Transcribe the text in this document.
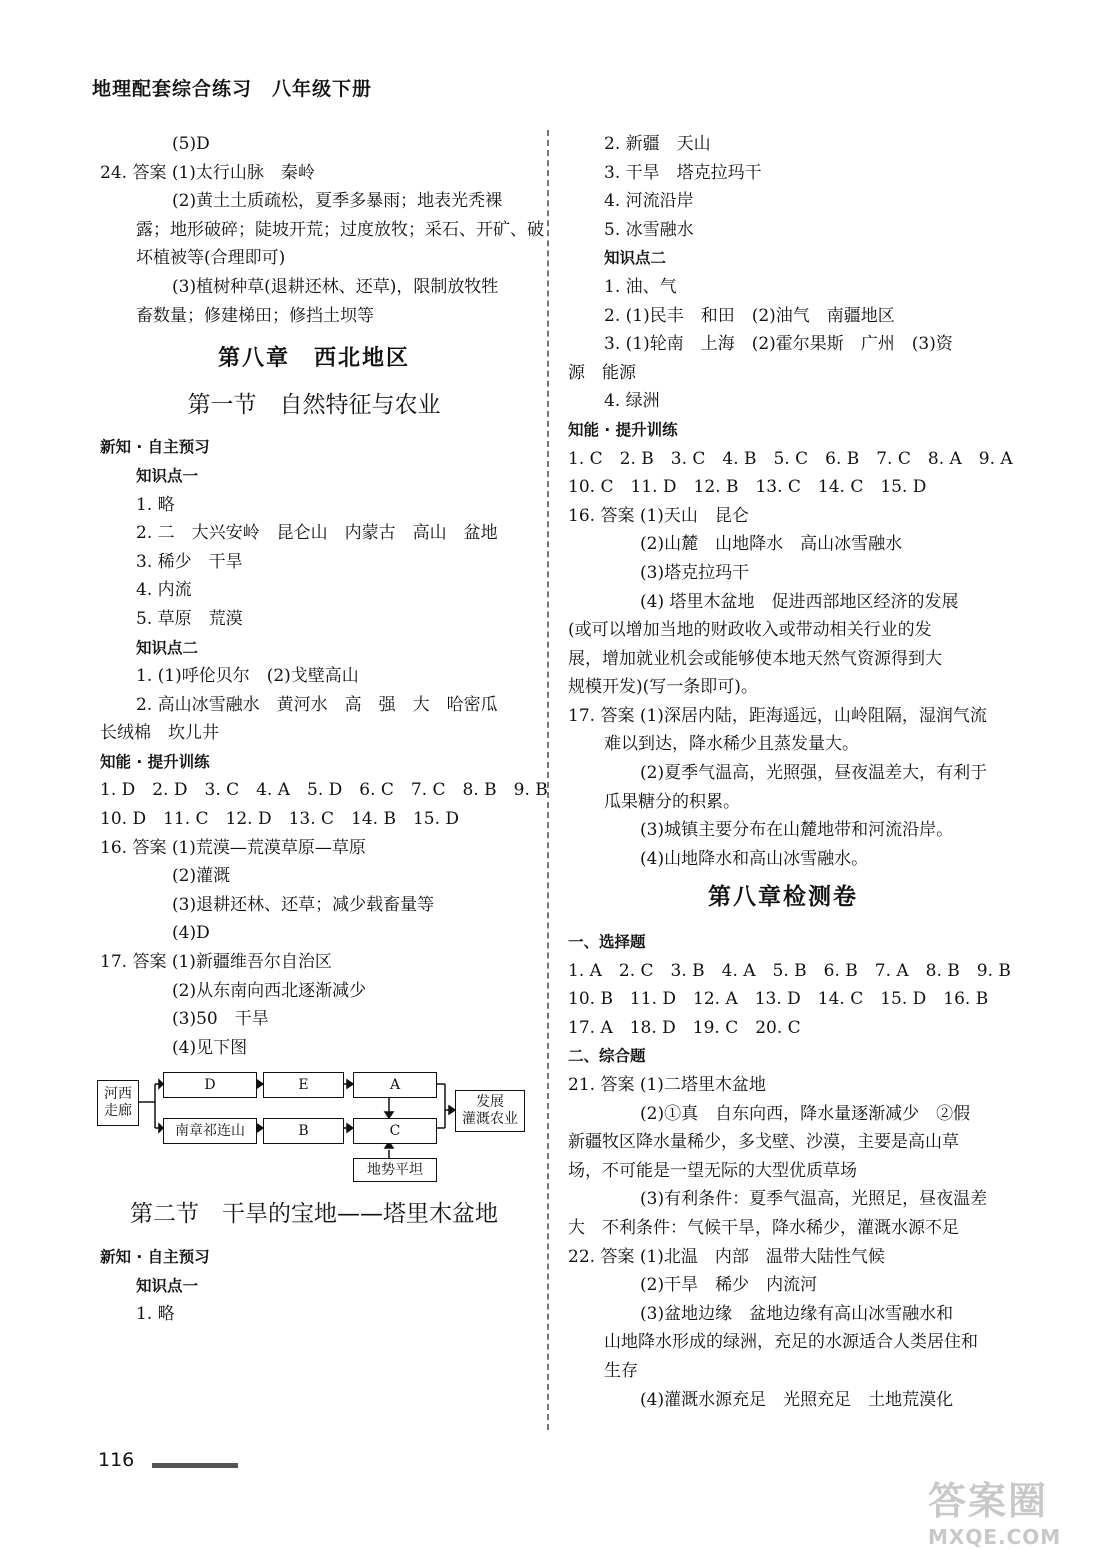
地理配套综合练习　八年级下册
(5)D
24. 答案 (1)太行山脉　秦岭
(2)黄土土质疏松，夏季多暴雨；地表光秃裸
露；地形破碎；陡坡开荒；过度放牧；采石、开矿、破
坏植被等(合理即可)
(3)植树种草(退耕还林、还草)，限制放牧牲
畜数量；修建梯田；修挡土坝等
第八章　西北地区
第一节　自然特征与农业
新知 · 自主预习
知识点一
1. 略
2. 二　大兴安岭　昆仑山　内蒙古　高山　盆地
3. 稀少　干旱
4. 内流
5. 草原　荒漠
知识点二
1. (1)呼伦贝尔　(2)戈壁高山
2. 高山冰雪融水　黄河水　高　强　大　哈密瓜
长绒棉　坎儿井
知能 · 提升训练
1. D　2. D　3. C　4. A　5. D　6. C　7. C　8. B　9. B
10. D　11. C　12. D　13. C　14. B　15. D
16. 答案 (1)荒漠—荒漠草原—草原
(2)灌溉
(3)退耕还林、还草；减少载畜量等
(4)D
17. 答案 (1)新疆维吾尔自治区
(2)从东南向西北逐渐减少
(3)50　干旱
(4)见下图
河西 走廊
D	E	A
南章祁连山	B	C
发展
灌溉农业
地势平坦
第二节　干旱的宝地——塔里木盆地
新知 · 自主预习
知识点一
1. 略
2. 新疆　天山
3. 干旱　塔克拉玛干
4. 河流沿岸
5. 冰雪融水
知识点二
1. 油、气
2. (1)民丰　和田　(2)油气　南疆地区
3. (1)轮南　上海　(2)霍尔果斯　广州　(3)资
源　能源
4. 绿洲
知能 · 提升训练
1. C　2. B　3. C　4. B　5. C　6. B　7. C　8. A　9. A
10. C　11. D　12. B　13. C　14. C　15. D
16. 答案 (1)天山　昆仑
(2)山麓　山地降水　高山冰雪融水
(3)塔克拉玛干
(4) 塔里木盆地　促进西部地区经济的发展
(或可以增加当地的财政收入或带动相关行业的发
展，增加就业机会或能够使本地天然气资源得到大
规模开发)(写一条即可)。
17. 答案 (1)深居内陆，距海遥远，山岭阻隔，湿润气流
难以到达，降水稀少且蒸发量大。
(2)夏季气温高，光照强，昼夜温差大，有利于
瓜果糖分的积累。
(3)城镇主要分布在山麓地带和河流沿岸。
(4)山地降水和高山冰雪融水。
第八章检测卷
一、选择题
1. A　2. C　3. B　4. A　5. B　6. B　7. A　8. B　9. B
10. B　11. D　12. A　13. D　14. C　15. D　16. B
17. A　18. D　19. C　20. C
二、综合题
21. 答案 (1)二塔里木盆地
(2)①真　自东向西，降水量逐渐减少　②假
新疆牧区降水量稀少，多戈壁、沙漠，主要是高山草
场，不可能是一望无际的大型优质草场
(3)有利条件：夏季气温高，光照足，昼夜温差
大　不利条件：气候干旱，降水稀少，灌溉水源不足
22. 答案 (1)北温　内部　温带大陆性气候
(2)干旱　稀少　内流河
(3)盆地边缘　盆地边缘有高山冰雪融水和
山地降水形成的绿洲，充足的水源适合人类居住和
生存
(4)灌溉水源充足　光照充足　土地荒漠化
116
答案圈
MXQE.COM
